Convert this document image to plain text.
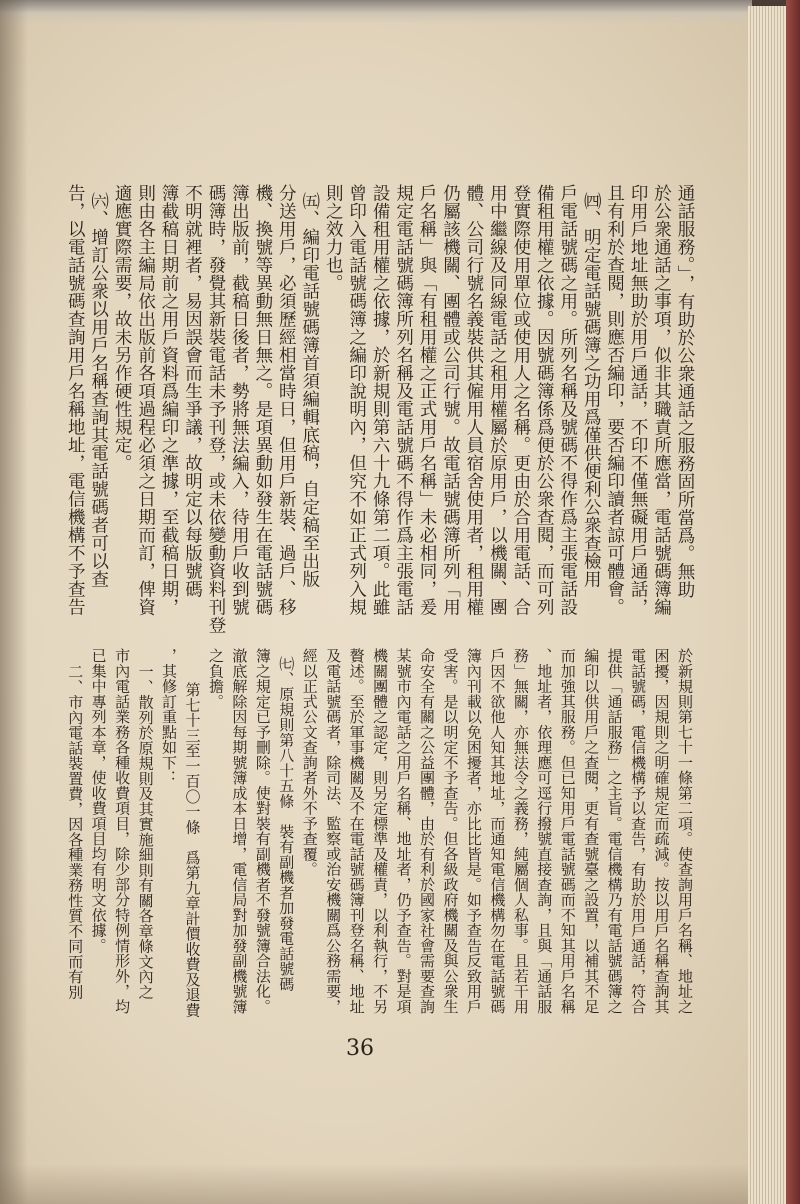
通話服務。」，有助於公衆通話之服務固所當爲。無助
於公衆通話之事項，似非其職責所應當，電話號碼簿編
印用戶地址無助於用戶通話，不印不僅無礙用戶通話，
且有利於查閱，則應否編印，要否編印讀者諒可體會。
㈣、明定電話號碼簿之功用爲僅供便利公衆查檢用
戶電話號碼之用。所列名稱及號碼不得作爲主張電話設
備租用權之依據。因號碼簿係爲便於公衆查閱，而可列
登實際使用單位或使用人之名稱。更由於合用電話、合
用中繼線及同線電話之租用權屬於原用戶，以機關、團
體、公司行號名義裝供其僱用人員宿舍使用者，租用權
仍屬該機關、團體或公司行號。故電話號碼簿所列「用
戶名稱」與「有租用權之正式用戶名稱」未必相同，爰
規定電話號碼簿所列名稱及電話號碼不得作爲主張電話
設備租用權之依據，於新規則第六十九條第二項。此雖
曾印入電話號碼簿之編印說明內，但究不如正式列入規
則之效力也。
㈤、編印電話號碼簿首須編輯底稿，自定稿至出版
分送用戶，必須歷經相當時日，但用戶新裝、過戶、移
機、換號等異動無日無之。是項異動如發生在電話號碼
簿出版前，截稿日後者，勢將無法編入，待用戶收到號
碼簿時，發覺其新裝電話未予刊登，或未依變動資料刊登
不明就裡者，易因誤會而生爭議，故明定以每版號碼
簿截稿日期前之用戶資料爲編印之準據，至截稿日期，
則由各主編局依出版前各項過程必須之日期而訂，俾資
適應實際需要，故未另作硬性規定。
㈥、增訂公衆以用戶名稱查詢其電話號碼者可以查
告，以電話號碼查詢用戶名稱地址，電信機構不予查告
於新規則第七十一條第二項。使查詢用戶名稱、地址之
困擾，因規則之明確規定而疏減。按以用戶名稱查詢其
電話號碼，電信機構予以查告，有助於用戶通話，符合
提供「通話服務」之主旨。電信機構乃有電話號碼簿之
編印以供用戶之查閱，更有查號臺之設置，以補其不足
而加強其服務。但已知用戶電話號碼而不知其用戶名稱
、地址者，依理應可逕行撥號直接查詢，且與「通話服
務」無關，亦無法令之義務，純屬個人私事。且若干用
戶因不欲他人知其地址，而通知電信機構勿在電話號碼
簿內刊載以免困擾者，亦比比皆是。如予查告反致用戶
受害。是以明定不予查告。但各級政府機關及與公衆生
命安全有關之公益團體，由於有利於國家社會需要查詢
某號市內電話之用戶名稱、地址者，仍予查告。對是項
機關團體之認定，則另定標準及權責，以利執行，不另
贅述。至於軍事機關及不在電話號碼簿刊登名稱、地址
及電話號碼者，除司法、監察或治安機關爲公務需要，
經以正式公文查詢者外不予查覆。
㈦、原規則第八十五條　裝有副機者加發電話號碼
簿之規定已予刪除。使對裝有副機者不發號簿合法化。
澈底解除因每期號簿成本日增，電信局對加發副機號簿
之負擔。
第七十三至一百〇一條　爲第九章計價收費及退費
，其修訂重點如下：
一、散列於原規則及其實施細則有關各章條文內之
市內電話業務各種收費項目，除少部分特例情形外，均
已集中專列本章，使收費項目均有明文依據。
二、市內電話裝置費，因各種業務性質不同而有別
36
